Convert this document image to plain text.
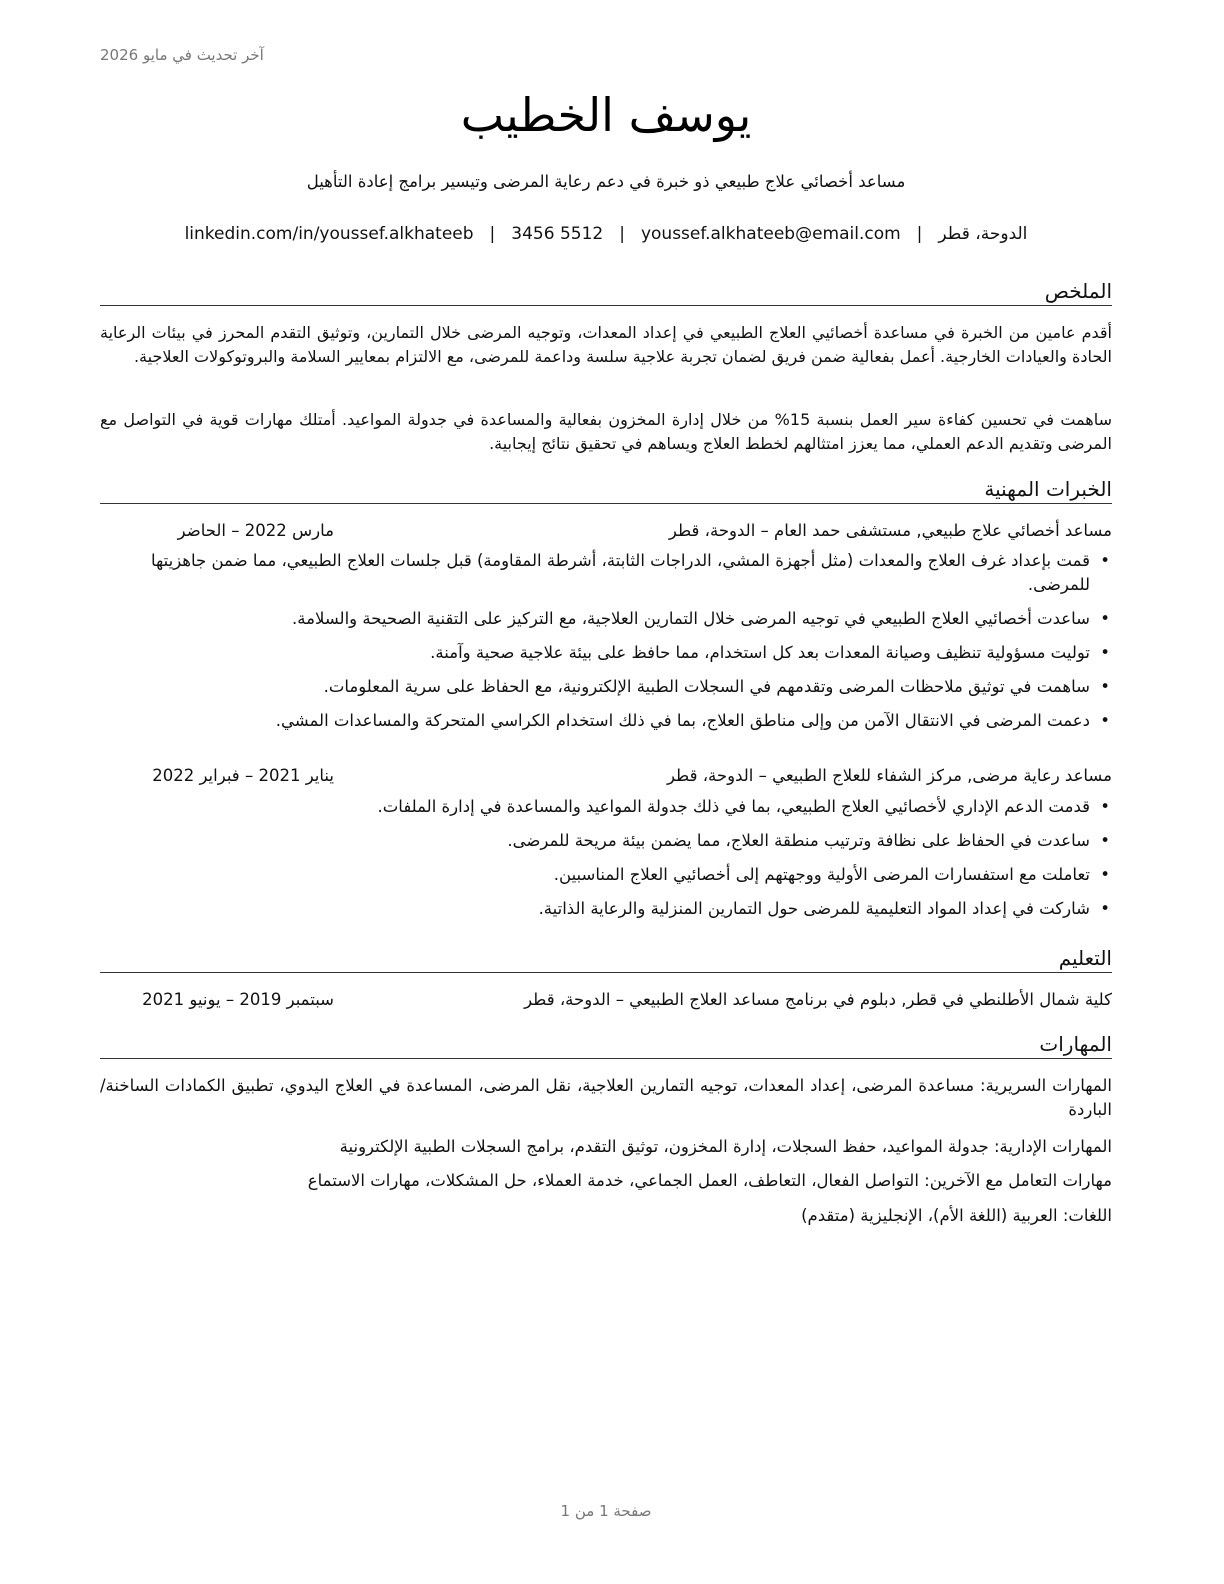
آخر تحديث في مايو 2026
يوسف الخطيب
مساعد أخصائي علاج طبيعي ذو خبرة في دعم رعاية المرضى وتيسير برامج إعادة التأهيل
الدوحة، قطر|youssef.alkhateeb@email.com|3456 5512|linkedin.com/in/youssef.alkhateeb
الملخص
أقدم عامين من الخبرة في مساعدة أخصائيي العلاج الطبيعي في إعداد المعدات، وتوجيه المرضى خلال التمارين، وتوثيق التقدم المحرز في بيئات الرعاية الحادة والعيادات الخارجية. أعمل بفعالية ضمن فريق لضمان تجربة علاجية سلسة وداعمة للمرضى، مع الالتزام بمعايير السلامة والبروتوكولات العلاجية.
ساهمت في تحسين كفاءة سير العمل بنسبة 15% من خلال إدارة المخزون بفعالية والمساعدة في جدولة المواعيد. أمتلك مهارات قوية في التواصل مع المرضى وتقديم الدعم العملي، مما يعزز امتثالهم لخطط العلاج ويساهم في تحقيق نتائج إيجابية.
الخبرات المهنية
مساعد أخصائي علاج طبيعي, مستشفى حمد العام – الدوحة، قطر
مارس 2022 – الحاضر
•
قمت بإعداد غرف العلاج والمعدات (مثل أجهزة المشي، الدراجات الثابتة، أشرطة المقاومة) قبل جلسات العلاج الطبيعي، مما ضمن جاهزيتها للمرضى.
•
ساعدت أخصائيي العلاج الطبيعي في توجيه المرضى خلال التمارين العلاجية، مع التركيز على التقنية الصحيحة والسلامة.
•
توليت مسؤولية تنظيف وصيانة المعدات بعد كل استخدام، مما حافظ على بيئة علاجية صحية وآمنة.
•
ساهمت في توثيق ملاحظات المرضى وتقدمهم في السجلات الطبية الإلكترونية، مع الحفاظ على سرية المعلومات.
•
دعمت المرضى في الانتقال الآمن من وإلى مناطق العلاج، بما في ذلك استخدام الكراسي المتحركة والمساعدات المشي.
مساعد رعاية مرضى, مركز الشفاء للعلاج الطبيعي – الدوحة، قطر
يناير 2021 – فبراير 2022
•
قدمت الدعم الإداري لأخصائيي العلاج الطبيعي، بما في ذلك جدولة المواعيد والمساعدة في إدارة الملفات.
•
ساعدت في الحفاظ على نظافة وترتيب منطقة العلاج، مما يضمن بيئة مريحة للمرضى.
•
تعاملت مع استفسارات المرضى الأولية ووجهتهم إلى أخصائيي العلاج المناسبين.
•
شاركت في إعداد المواد التعليمية للمرضى حول التمارين المنزلية والرعاية الذاتية.
التعليم
كلية شمال الأطلنطي في قطر, دبلوم في برنامج مساعد العلاج الطبيعي – الدوحة، قطر
سبتمبر 2019 – يونيو 2021
المهارات
المهارات السريرية: مساعدة المرضى، إعداد المعدات، توجيه التمارين العلاجية، نقل المرضى، المساعدة في العلاج اليدوي، تطبيق الكمادات الساخنة/الباردة
المهارات الإدارية: جدولة المواعيد، حفظ السجلات، إدارة المخزون، توثيق التقدم، برامج السجلات الطبية الإلكترونية
مهارات التعامل مع الآخرين: التواصل الفعال، التعاطف، العمل الجماعي، خدمة العملاء، حل المشكلات، مهارات الاستماع
اللغات: العربية (اللغة الأم)، الإنجليزية (متقدم)
صفحة 1 من 1
